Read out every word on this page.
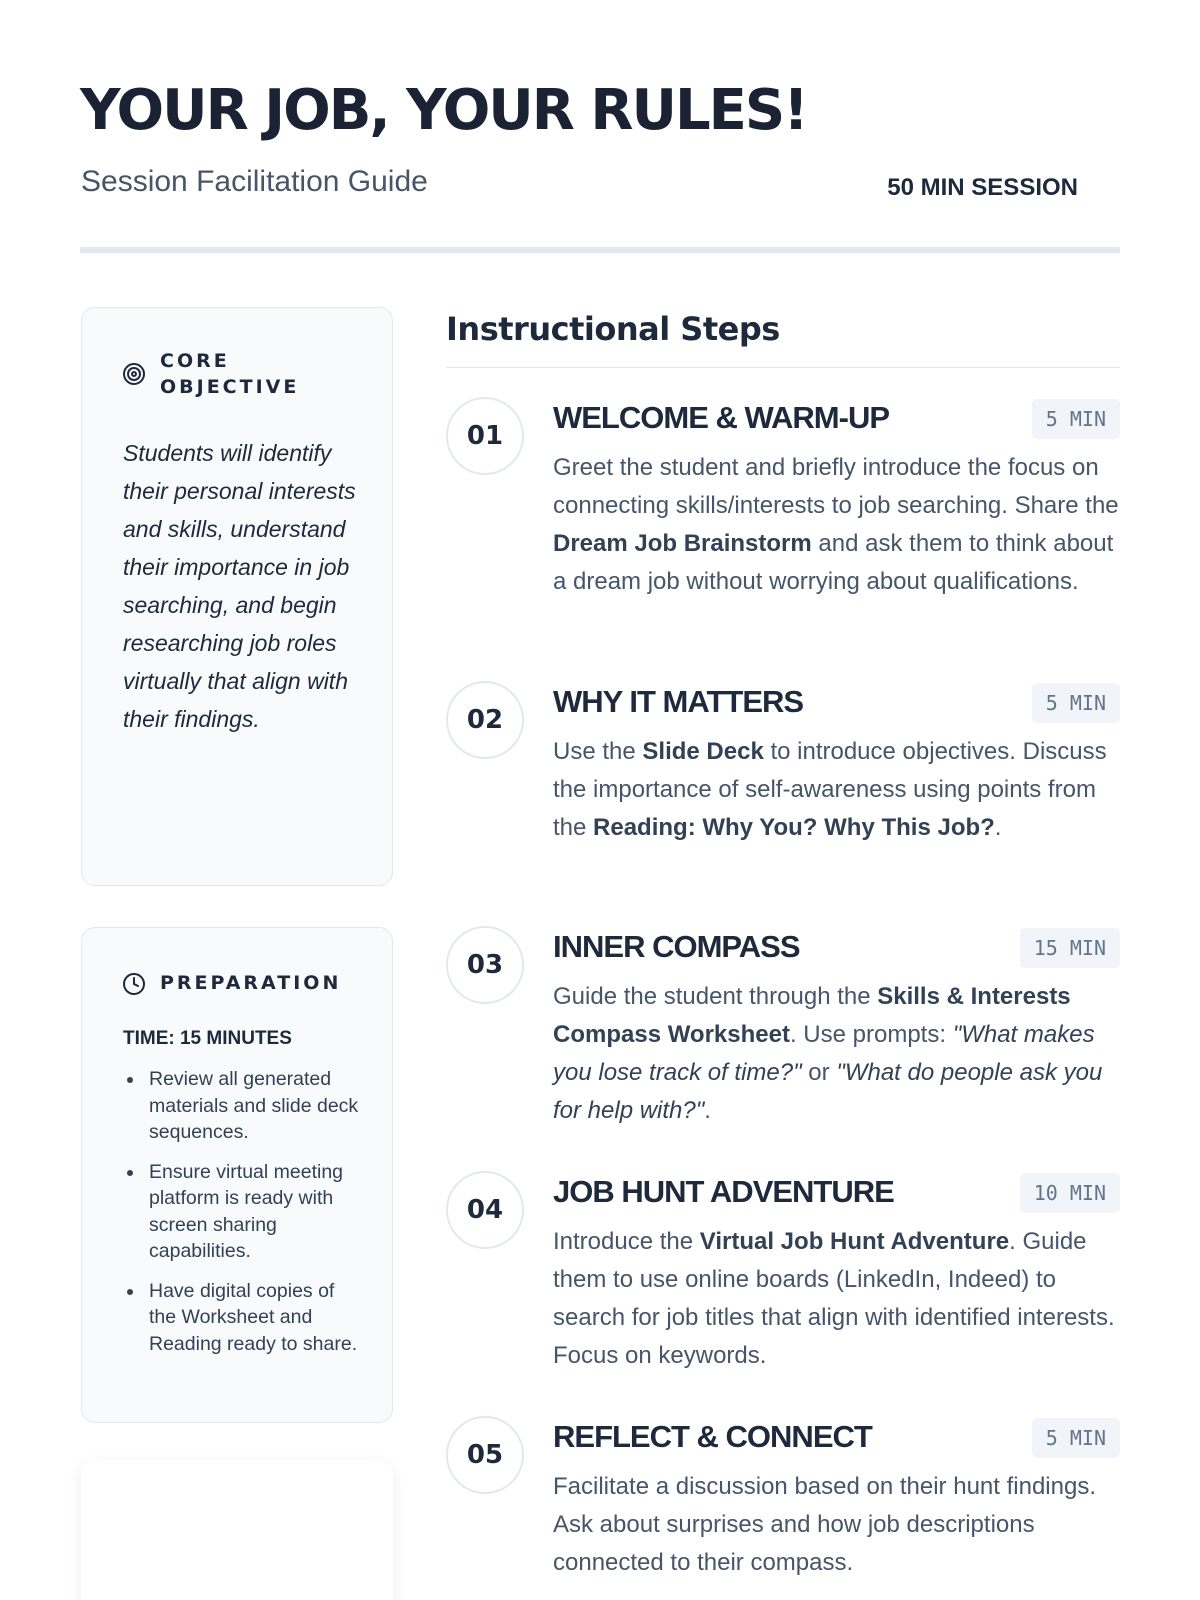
YOUR JOB, YOUR RULES!
Session Facilitation Guide	50 MIN SESSION
CORE OBJECTIVE

Students will identify their personal interests and skills, understand their importance in job searching, and begin researching job roles virtually that align with their findings.

PREPARATION
TIME: 15 MINUTES
Review all generated materials and slide deck sequences.
Ensure virtual meeting platform is ready with screen sharing capabilities.
Have digital copies of the Worksheet and Reading ready to share.
Instructional Steps
01
WELCOME & WARM-UP	5 MIN

Greet the student and briefly introduce the focus on connecting skills/interests to job searching. Share the Dream Job Brainstorm and ask them to think about a dream job without worrying about qualifications.

02
WHY IT MATTERS	5 MIN

Use the Slide Deck to introduce objectives. Discuss the importance of self-awareness using points from the Reading: Why You? Why This Job?.

03
INNER COMPASS	15 MIN

Guide the student through the Skills & Interests Compass Worksheet. Use prompts: "What makes you lose track of time?" or "What do people ask you for help with?".

04
JOB HUNT ADVENTURE	10 MIN

Introduce the Virtual Job Hunt Adventure. Guide them to use online boards (LinkedIn, Indeed) to search for job titles that align with identified interests. Focus on keywords.

05
REFLECT & CONNECT	5 MIN

Facilitate a discussion based on their hunt findings. Ask about surprises and how job descriptions connected to their compass.
